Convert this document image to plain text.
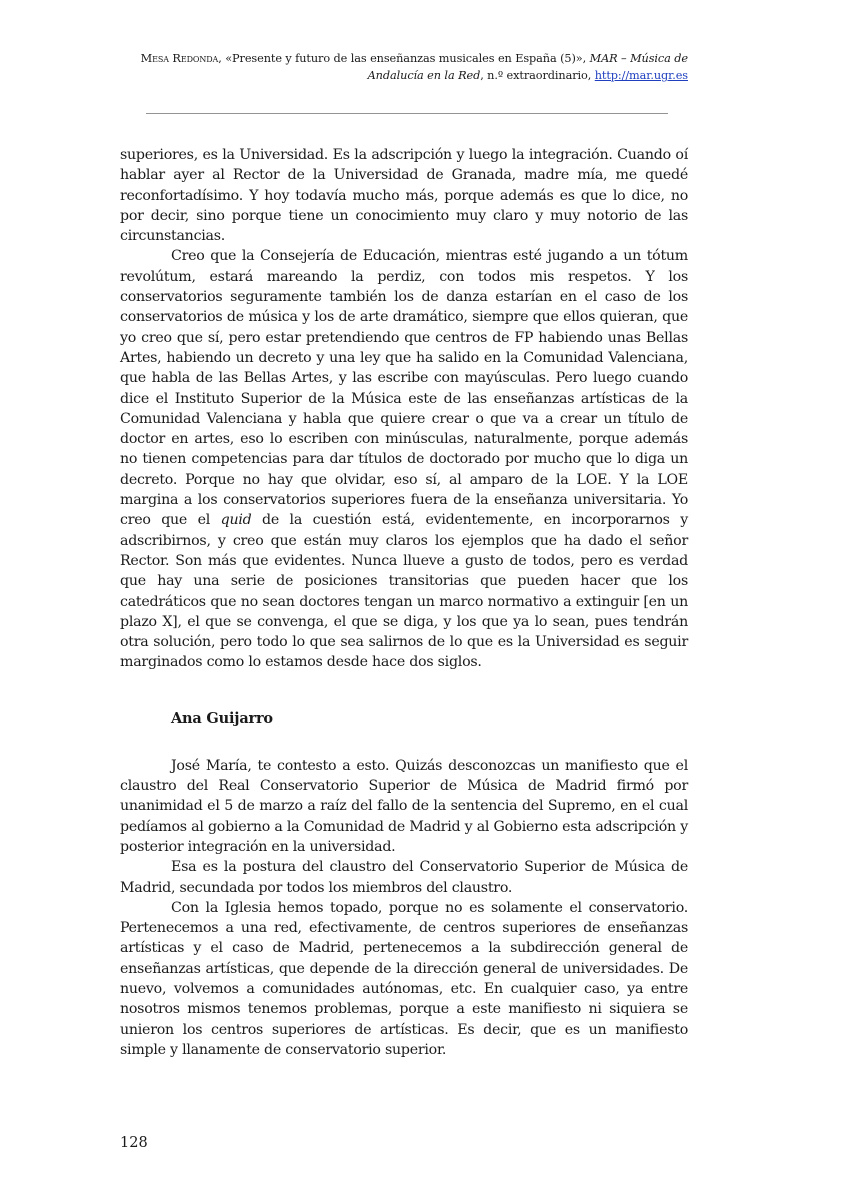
Mesa Redonda, «Presente y futuro de las enseñanzas musicales en España (5)», MAR – Música de Andalucía en la Red, n.º extraordinario, http://mar.ugr.es
_______________________________________________________________________________________

superiores, es la Universidad. Es la adscripción y luego la integración. Cuando oí hablar ayer al Rector de la Universidad de Granada, madre mía, me quedé reconfortadísimo. Y hoy todavía mucho más, porque además es que lo dice, no por decir, sino porque tiene un conocimiento muy claro y muy notorio de las circunstancias.

Creo que la Consejería de Educación, mientras esté jugando a un tótum revolútum, estará mareando la perdiz, con todos mis respetos. Y los conservatorios seguramente también los de danza estarían en el caso de los conservatorios de música y los de arte dramático, siempre que ellos quieran, que yo creo que sí, pero estar pretendiendo que centros de FP habiendo unas Bellas Artes, habiendo un decreto y una ley que ha salido en la Comunidad Valenciana, que habla de las Bellas Artes, y las escribe con mayúsculas. Pero luego cuando dice el Instituto Superior de la Música este de las enseñanzas artísticas de la Comunidad Valenciana y habla que quiere crear o que va a crear un título de doctor en artes, eso lo escriben con minúsculas, naturalmente, porque además no tienen competencias para dar títulos de doctorado por mucho que lo diga un decreto. Porque no hay que olvidar, eso sí, al amparo de la LOE. Y la LOE margina a los conservatorios superiores fuera de la enseñanza universitaria. Yo creo que el quid de la cuestión está, evidentemente, en incorporarnos y adscribirnos, y creo que están muy claros los ejemplos que ha dado el señor Rector. Son más que evidentes. Nunca llueve a gusto de todos, pero es verdad que hay una serie de posiciones transitorias que pueden hacer que los catedráticos que no sean doctores tengan un marco normativo a extinguir [en un plazo X], el que se convenga, el que se diga, y los que ya lo sean, pues tendrán otra solución, pero todo lo que sea salirnos de lo que es la Universidad es seguir marginados como lo estamos desde hace dos siglos.

Ana Guijarro

José María, te contesto a esto. Quizás desconozcas un manifiesto que el claustro del Real Conservatorio Superior de Música de Madrid firmó por unanimidad el 5 de marzo a raíz del fallo de la sentencia del Supremo, en el cual pedíamos al gobierno a la Comunidad de Madrid y al Gobierno esta adscripción y posterior integración en la universidad.

Esa es la postura del claustro del Conservatorio Superior de Música de Madrid, secundada por todos los miembros del claustro.

Con la Iglesia hemos topado, porque no es solamente el conservatorio. Pertenecemos a una red, efectivamente, de centros superiores de enseñanzas artísticas y el caso de Madrid, pertenecemos a la subdirección general de enseñanzas artísticas, que depende de la dirección general de universidades. De nuevo, volvemos a comunidades autónomas, etc. En cualquier caso, ya entre nosotros mismos tenemos problemas, porque a este manifiesto ni siquiera se unieron los centros superiores de artísticas. Es decir, que es un manifiesto simple y llanamente de conservatorio superior.

128
